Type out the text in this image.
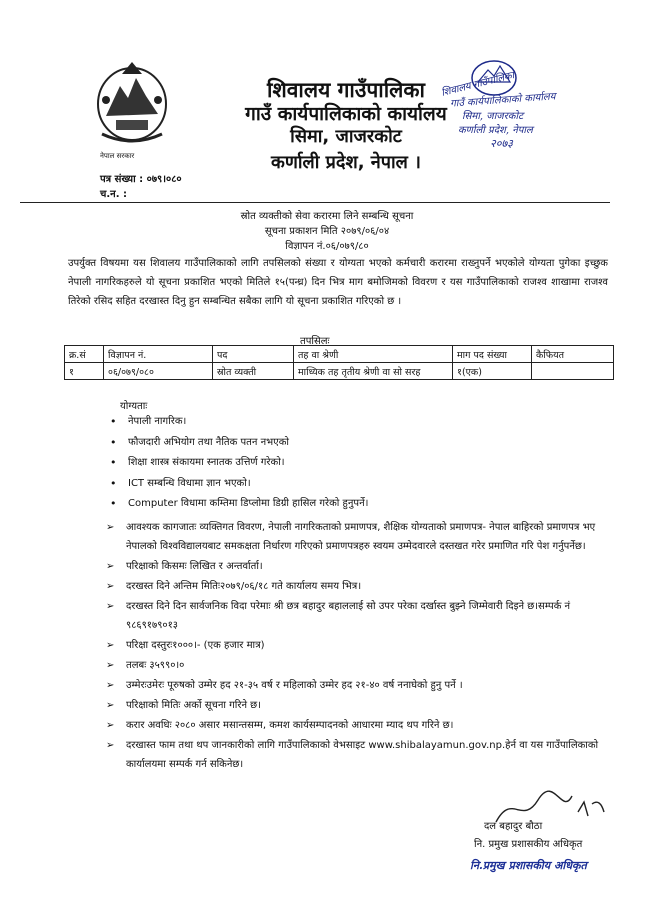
नेपाल सरकार
शिवालय गाउँपालिका
गाउँ कार्यपालिकाको कार्यालय
सिमा, जाजरकोट
कर्णाली प्रदेश, नेपाल ।
शिवालय गाउँपालिका
गाउँ कार्यपालिकाको कार्यालय
सिमा, जाजरकोट
कर्णाली प्रदेश, नेपाल
२०७३
पत्र संख्या : ०७९।०८०
च.न. :
स्रोत व्यक्तीको सेवा करारमा लिने सम्बन्धि सूचना
सूचना प्रकाशन मिति २०७९/०६/०४
विज्ञापन नं.०६/०७९/८०
उपर्युक्त विषयमा यस शिवालय गाउँपालिकाको लागि तपसिलको संख्या र योग्यता भएको कर्मचारी करारमा राख्नुपर्ने भएकोले योग्यता पुगेका इच्छुक नेपाली नागरिकहरुले यो सूचना प्रकाशित भएको मितिले १५(पन्ध्र) दिन भित्र माग बमोजिमको विवरण र यस गाउँपालिकाको राजश्व शाखामा राजश्व तिरेको रसिद सहित दरखास्त दिनु हुन सम्बन्धित सबैका लागि यो सूचना प्रकाशित गरिएको छ ।
तपसिलः
क्र.सं	विज्ञापन नं.	पद	तह वा श्रेणी	माग पद संख्या	कैफियत
१	०६/०७९/०८०	स्रोत व्यक्ती	माध्यिक तह तृतीय श्रेणी वा सो सरह	१(एक)	
योग्यताः
• नेपाली नागरिक।
• फौजदारी अभियोग तथा नैतिक पतन नभएको
• शिक्षा शास्त्र संकायमा स्नातक उत्तिर्ण गरेको।
• ICT सम्बन्धि विधामा ज्ञान भएको।
• Computer विधामा कम्तिमा डिप्लोमा डिग्री हासिल गरेको हुनुपर्ने।
➢ आवश्यक कागजातः व्यक्तिगत विवरण, नेपाली नागरिकताको प्रमाणपत्र, शैक्षिक योग्यताको प्रमाणपत्र- नेपाल बाहिरको प्रमाणपत्र भए नेपालको विश्वविद्यालयबाट समकक्षता निर्धारण गरिएको प्रमाणपत्रहरु स्वयम उम्मेदवारले दस्तखत गरेर प्रमाणित गरि पेश गर्नुपर्नेछ।
➢ परिक्षाको किसमः लिखित र अन्तर्वार्ता।
➢ दरखस्त दिने अन्तिम मितिः२०७९/०६/१८ गते कार्यालय समय भित्र।
➢ दरखस्त दिने दिन सार्वजनिक विदा परेमाः श्री छत्र बहादुर बहाललाई सो उपर परेका दर्खास्त बुझ्ने जिम्मेवारी दिइने छ।सम्पर्क नं ९८६९१७९०१३
➢ परिक्षा दस्तुरः१०००।- (एक हजार मात्र)
➢ तलबः ३५९९०।०
➢ उम्मेरःउमेरः पूरुषको उम्मेर हद २१-३५ वर्ष र महिलाको उम्मेर हद २१-४० वर्ष ननाघेको हुनु पर्ने ।
➢ परिक्षाको मितिः अर्को सूचना गरिने छ।
➢ करार अवधिः २०८० असार मसान्तसम्म, कमश कार्यसम्पादनको आधारमा म्याद थप गरिने छ।
➢ दरखास्त फाम तथा थप जानकारीको लागि गाउँपालिकाको वेभसाइट www.shibalayamun.gov.np.हेर्न वा यस गाउँपालिकाको कार्यालयमा सम्पर्क गर्न सकिनेछ।
दल बहादुर बौठा
नि. प्रमुख प्रशासकीय अधिकृत
नि.प्रमुख प्रशासकीय अधिकृत
